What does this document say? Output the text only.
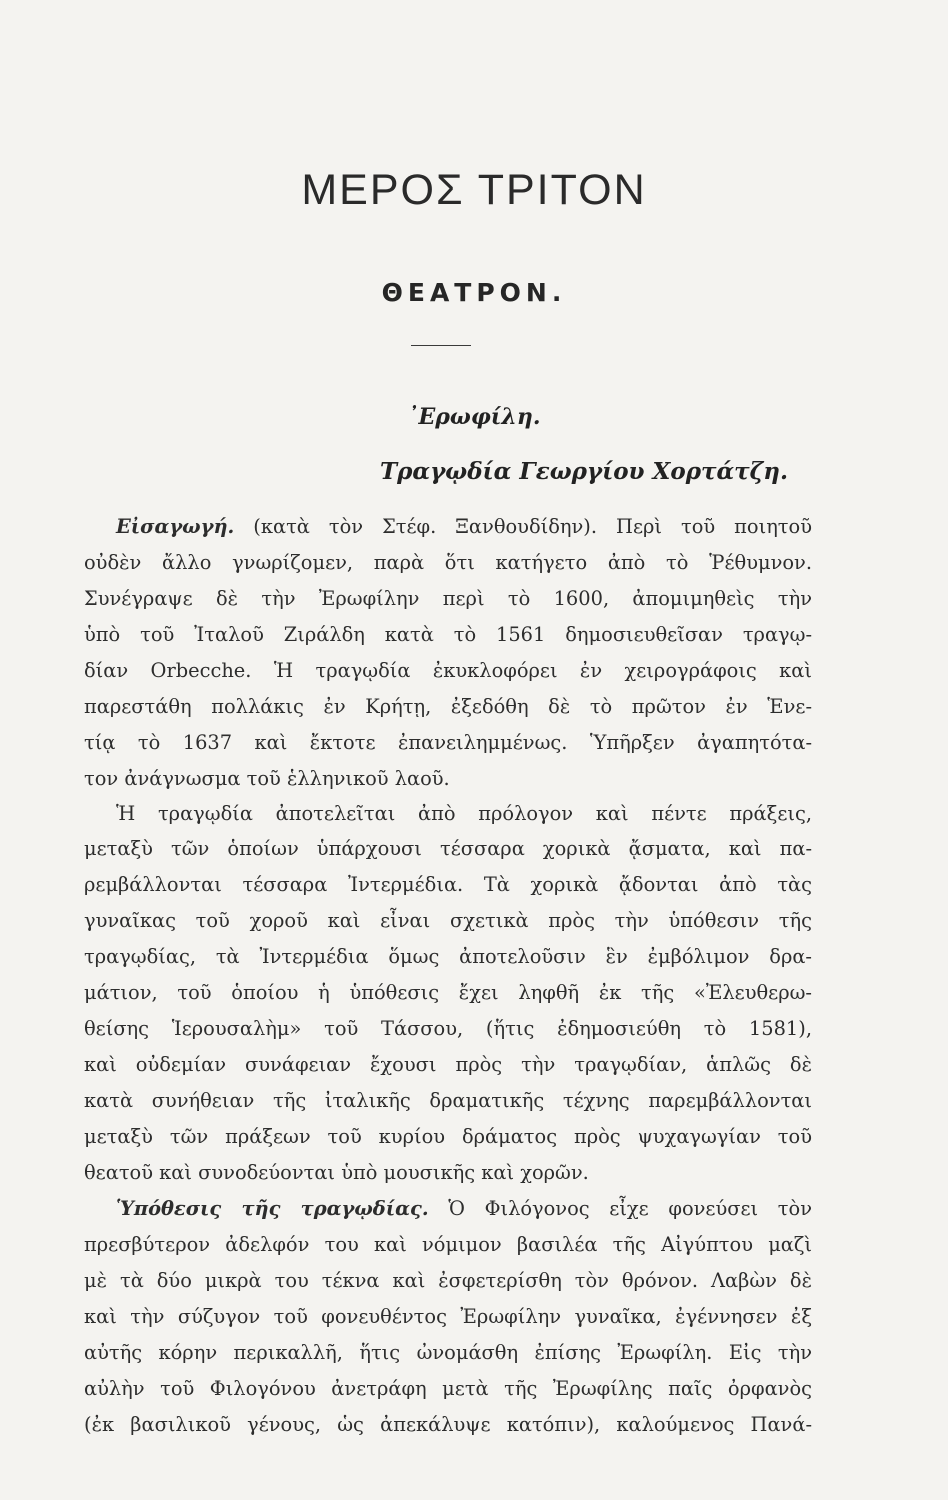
ΜΕΡΟΣ ΤΡΙΤΟΝ
ΘΕΑΤΡΟΝ.
᾿Ερωφίλη.
Τραγῳδία Γεωργίου Χορτάτζη.
Εἰσαγωγή. (κατὰ τὸν Στέφ. Ξανθουδίδην). Περὶ τοῦ ποιητοῦ
οὐδὲν ἄλλο γνωρίζομεν, παρὰ ὅτι κατήγετο ἀπὸ τὸ Ῥέθυμνον.
Συνέγραψε δὲ τὴν Ἐρωφίλην περὶ τὸ 1600, ἀπομιμηθεὶς τὴν
ὑπὸ τοῦ Ἰταλοῦ Ζιράλδη κατὰ τὸ 1561 δημοσιευθεῖσαν τραγῳ-
δίαν Orbecche. Ἡ τραγῳδία ἐκυκλοφόρει ἐν χειρογράφοις καὶ
παρεστάθη πολλάκις ἐν Κρήτῃ, ἐξεδόθη δὲ τὸ πρῶτον ἐν Ἑνε-
τίᾳ τὸ 1637 καὶ ἔκτοτε ἐπανειλημμένως. Ὑπῆρξεν ἀγαπητότα-
τον ἀνάγνωσμα τοῦ ἑλληνικοῦ λαοῦ.
Ἡ τραγῳδία ἀποτελεῖται ἀπὸ πρόλογον καὶ πέντε πράξεις,
μεταξὺ τῶν ὁποίων ὑπάρχουσι τέσσαρα χορικὰ ᾄσματα, καὶ πα-
ρεμβάλλονται τέσσαρα Ἰντερμέδια. Τὰ χορικὰ ᾄδονται ἀπὸ τὰς
γυναῖκας τοῦ χοροῦ καὶ εἶναι σχετικὰ πρὸς τὴν ὑπόθεσιν τῆς
τραγῳδίας, τὰ Ἰντερμέδια ὅμως ἀποτελοῦσιν ἓν ἐμβόλιμον δρα-
μάτιον, τοῦ ὁποίου ἡ ὑπόθεσις ἔχει ληφθῆ ἐκ τῆς «Ἐλευθερω-
θείσης Ἱερουσαλὴμ» τοῦ Τάσσου, (ἥτις ἐδημοσιεύθη τὸ 1581),
καὶ οὐδεμίαν συνάφειαν ἔχουσι πρὸς τὴν τραγῳδίαν, ἁπλῶς δὲ
κατὰ συνήθειαν τῆς ἰταλικῆς δραματικῆς τέχνης παρεμβάλλονται
μεταξὺ τῶν πράξεων τοῦ κυρίου δράματος πρὸς ψυχαγωγίαν τοῦ
θεατοῦ καὶ συνοδεύονται ὑπὸ μουσικῆς καὶ χορῶν.
Ὑπόθεσις τῆς τραγῳδίας. Ὁ Φιλόγονος εἶχε φονεύσει τὸν
πρεσβύτερον ἀδελφόν του καὶ νόμιμον βασιλέα τῆς Αἰγύπτου μαζὶ
μὲ τὰ δύο μικρὰ του τέκνα καὶ ἐσφετερίσθη τὸν θρόνον. Λαβὼν δὲ
καὶ τὴν σύζυγον τοῦ φονευθέντος Ἐρωφίλην γυναῖκα, ἐγέννησεν ἐξ
αὐτῆς κόρην περικαλλῆ, ἥτις ὠνομάσθη ἐπίσης Ἐρωφίλη. Εἰς τὴν
αὐλὴν τοῦ Φιλογόνου ἀνετράφη μετὰ τῆς Ἐρωφίλης παῖς ὀρφανὸς
(ἐκ βασιλικοῦ γένους, ὡς ἀπεκάλυψε κατόπιν), καλούμενος Πανά-
